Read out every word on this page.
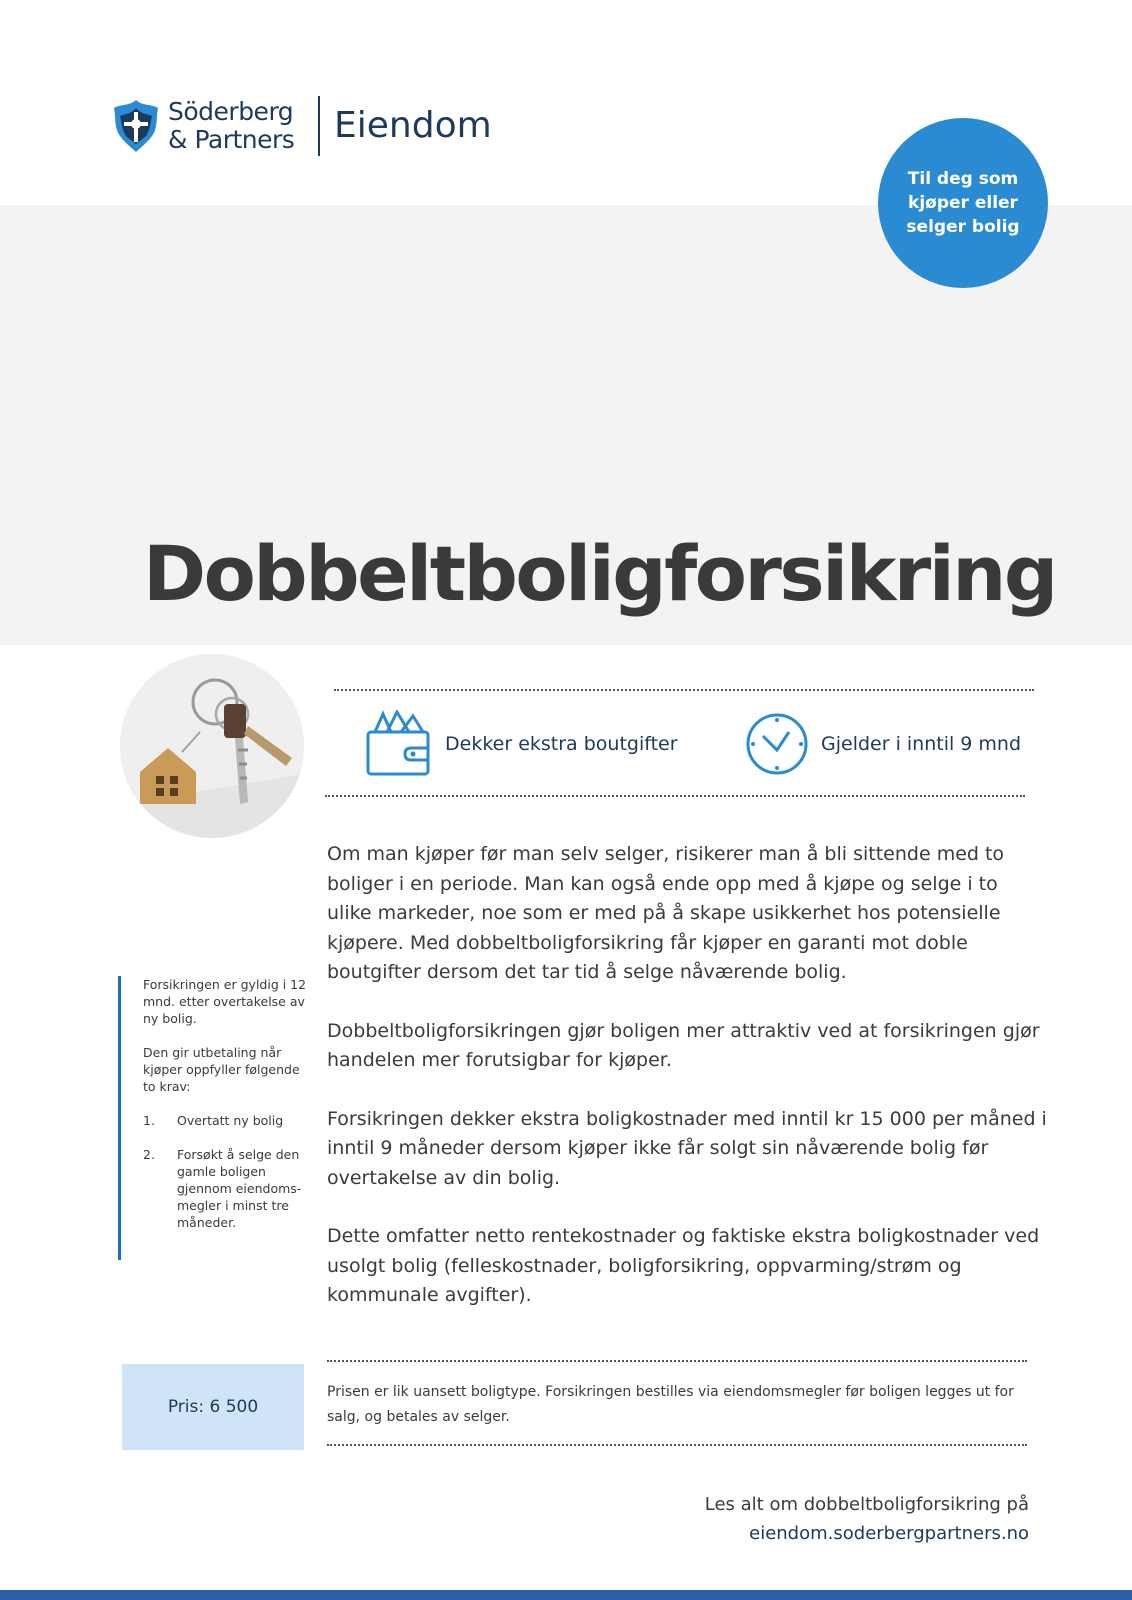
Söderberg & Partners	Eiendom
Til deg som kjøper eller selger bolig
Dobbeltboligforsikring
Dekker ekstra boutgifter	Gjelder i inntil 9 mnd

Om man kjøper før man selv selger, risikerer man å bli sittende med to boliger i en periode. Man kan også ende opp med å kjøpe og selge i to ulike markeder, noe som er med på å skape usikkerhet hos potensielle kjøpere. Med dobbeltboligforsikring får kjøper en garanti mot doble boutgifter dersom det tar tid å selge nåværende bolig.

Dobbeltboligforsikringen gjør boligen mer attraktiv ved at forsikringen gjør handelen mer forutsigbar for kjøper.

Forsikringen dekker ekstra boligkostnader med inntil kr 15 000 per måned i inntil 9 måneder dersom kjøper ikke får solgt sin nåværende bolig før overtakelse av din bolig.

Dette omfatter netto rentekostnader og faktiske ekstra boligkostnader ved usolgt bolig (felleskostnader, boligforsikring, oppvarming/strøm og kommunale avgifter).

Forsikringen er gyldig i 12 mnd. etter overtakelse av ny bolig.

Den gir utbetaling når kjøper oppfyller følgende to krav:

1.	Overtatt ny bolig
2.	Forsøkt å selge den gamle boligen gjennom eiendoms-megler i minst tre måneder.
Pris: 6 500
Prisen er lik uansett boligtype. Forsikringen bestilles via eiendomsmegler før boligen legges ut for salg, og betales av selger.
Les alt om dobbeltboligforsikring på
eiendom.soderbergpartners.no
